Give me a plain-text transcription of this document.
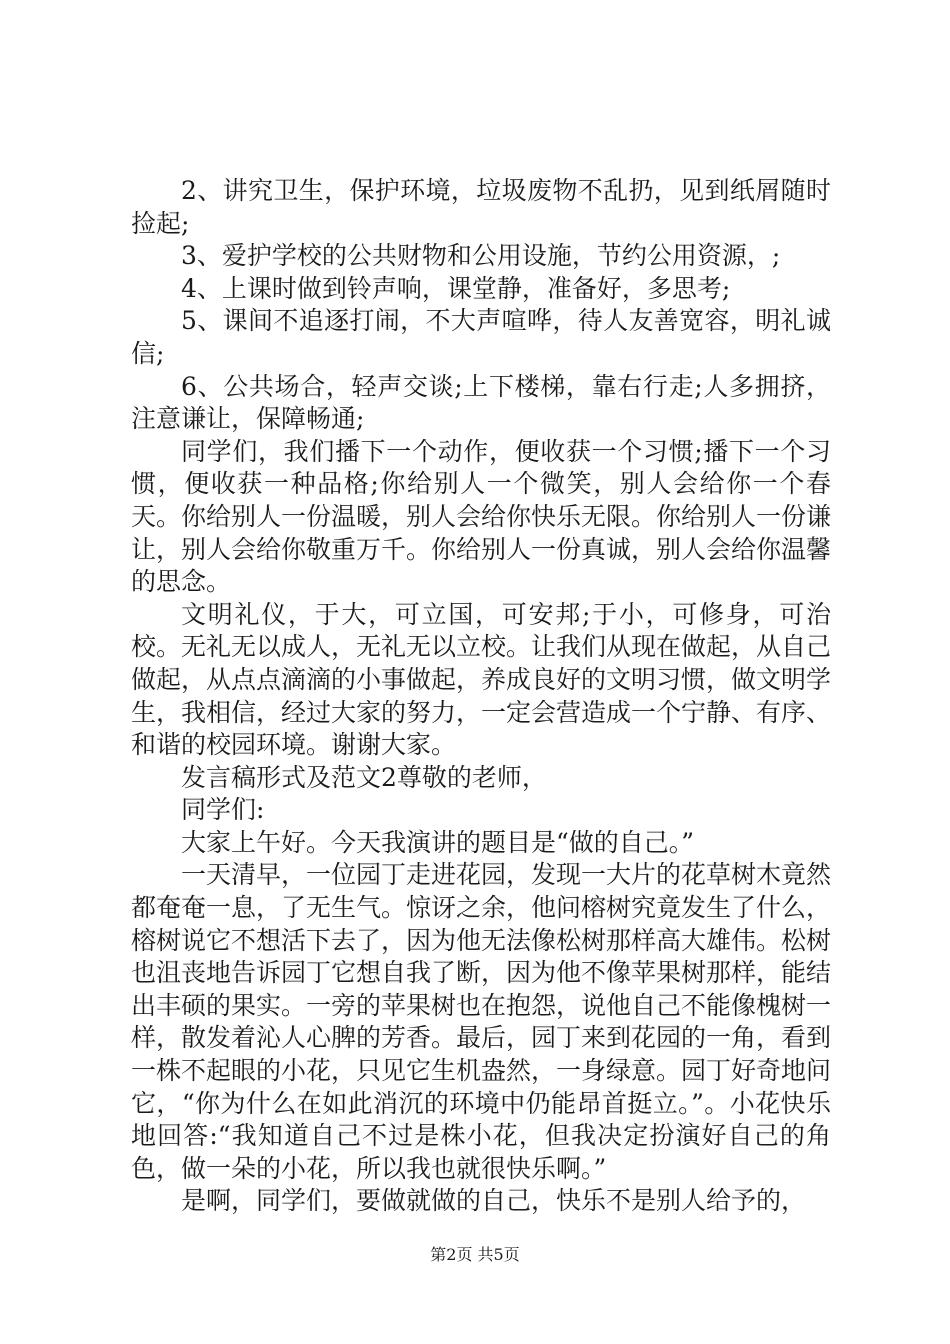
2、讲究卫生，保护环境，垃圾废物不乱扔，见到纸屑随时捡起;

3、爱护学校的公共财物和公用设施，节约公用资源，;

4、上课时做到铃声响，课堂静，准备好，多思考;

5、课间不追逐打闹，不大声喧哗，待人友善宽容，明礼诚信;

6、公共场合，轻声交谈;上下楼梯，靠右行走;人多拥挤，注意谦让，保障畅通;

同学们，我们播下一个动作，便收获一个习惯;播下一个习惯，便收获一种品格;你给别人一个微笑，别人会给你一个春天。你给别人一份温暖，别人会给你快乐无限。你给别人一份谦让，别人会给你敬重万千。你给别人一份真诚，别人会给你温馨的思念。

文明礼仪，于大，可立国，可安邦;于小，可修身，可治校。无礼无以成人，无礼无以立校。让我们从现在做起，从自己做起，从点点滴滴的小事做起，养成良好的文明习惯，做文明学生，我相信，经过大家的努力，一定会营造成一个宁静、有序、和谐的校园环境。谢谢大家。

发言稿形式及范文2尊敬的老师，

同学们:

大家上午好。今天我演讲的题目是“做的自己。”

一天清早，一位园丁走进花园，发现一大片的花草树木竟然都奄奄一息，了无生气。惊讶之余，他问榕树究竟发生了什么，榕树说它不想活下去了，因为他无法像松树那样高大雄伟。松树也沮丧地告诉园丁它想自我了断，因为他不像苹果树那样，能结出丰硕的果实。一旁的苹果树也在抱怨，说他自己不能像槐树一样，散发着沁人心脾的芳香。最后，园丁来到花园的一角，看到一株不起眼的小花，只见它生机盎然，一身绿意。园丁好奇地问它，“你为什么在如此消沉的环境中仍能昂首挺立。”。小花快乐地回答:“我知道自己不过是株小花，但我决定扮演好自己的角色，做一朵的小花，所以我也就很快乐啊。”

是啊，同学们，要做就做的自己，快乐不是别人给予的，

第2页 共5页
